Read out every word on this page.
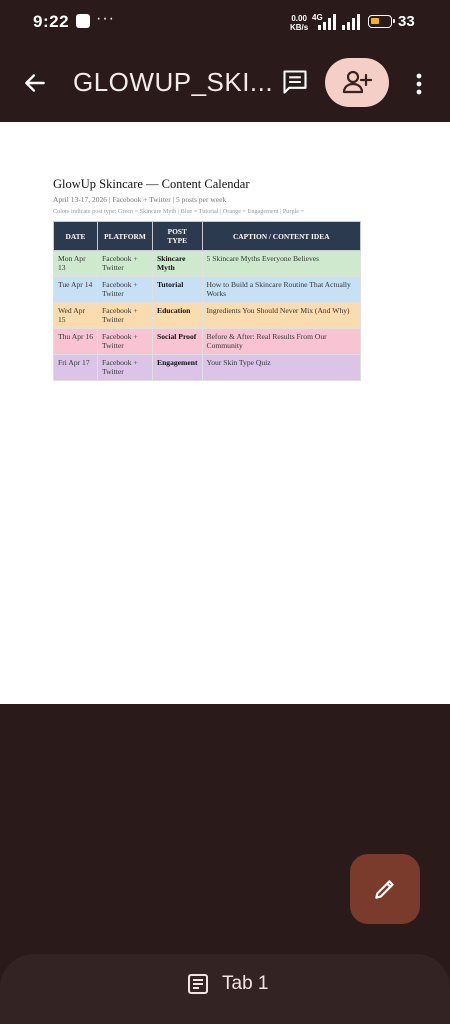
9:22 ···	0.00
KB/s
4G	33
GLOWUP_SKI...
GlowUp Skincare — Content Calendar
April 13-17, 2026 | Facebook + Twitter | 5 posts per week
Colors indicate post type: Green = Skincare Myth | Blue = Tutorial | Orange = Engagement | Purple =
DATE	PLATFORM	POST TYPE	CAPTION / CONTENT IDEA
Mon Apr 13	Facebook + Twitter	Skincare Myth	5 Skincare Myths Everyone Believes
Tue Apr 14	Facebook + Twitter	Tutorial	How to Build a Skincare Routine That Actually Works
Wed Apr 15	Facebook + Twitter	Education	Ingredients You Should Never Mix (And Why)
Thu Apr 16	Facebook + Twitter	Social Proof	Before & After: Real Results From Our Community
Fri Apr 17	Facebook + Twitter	Engagement	Your Skin Type Quiz
Tab 1
